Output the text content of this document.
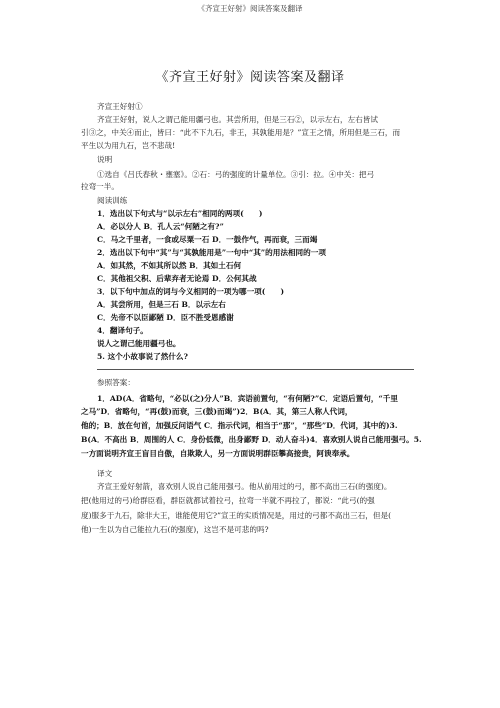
《齐宣王好射》阅读答案及翻译
《齐宣王好射》阅读答案及翻译
齐宣王好射①
齐宣王好射，说人之谓己能用疆弓也。其尝所用，但是三石②，以示左右，左右皆试
引③之，中关④而止，皆曰：“此不下九石，非王，其孰能用是？”宣王之情，所用但是三石，而
平生以为用九石，岂不悲哉!
说明
①选自《吕氏春秋・壅塞》。②石：弓的强度的计量单位。③引：拉。④中关：把弓
拉弯一半。
阅读训练
1．选出以下句式与“以示左右”相同的两项(　　)
A．必以分人 B．孔人云“何陋之有?”
C．马之千里者，一食或尽粟一石 D．一鼓作气，再而衰，三而竭
2．选出以下句中“其”与“其孰能用是”一句中“其”的用法相同的一项
A．如其然，不如其所以然 B．其如土石何
C．其他祖父积、后辈弃者无论焉 D．公何其战
3．以下句中加点的词与今义相同的一项为哪一项(　　)
A．其尝所用，但是三石 B．以示左右
C．先帝不以臣鄙陋 D．臣不胜受恩感谢
4．翻译句子。
说人之谓己能用疆弓也。
5. 这个小故事说了然什么?
参照答案：
1．AD(A．省略句，“必以(之)分人”B．宾语前置句，“有何陋?”C．定语后置句，“千里
之马”D．省略句，“再(鼓)而衰，三(鼓)而竭”)2．B(A．其，第三人称人代词，
他的；B．放在句首，加强反问语气 C．指示代词，相当于“那”，“那些”D．代词，其中的)3.
B(A．不高出 B．周围的人 C．身份低微，出身鄙野 D．动人奋斗)4．喜欢别人说自己能用强弓。5.
一方面说明齐宣王盲目自傲，自欺欺人，另一方面说明群臣攀高接贵，阿谀奉承。
译文
齐宣王爱好射箭，喜欢别人说自己能用强弓。他从前用过的弓，都不高出三石(的强度)。
把(他用过的弓)给群臣看，群臣就都试着拉弓，拉弯一半就不再拉了，都说：“此弓(的强
度)服多于九石，除非大王，谁能使用它?”宣王的实质情况是，用过的弓都不高出三石，但是(
他)一生以为自己能拉九石(的强度)，这岂不是可悲的吗?
